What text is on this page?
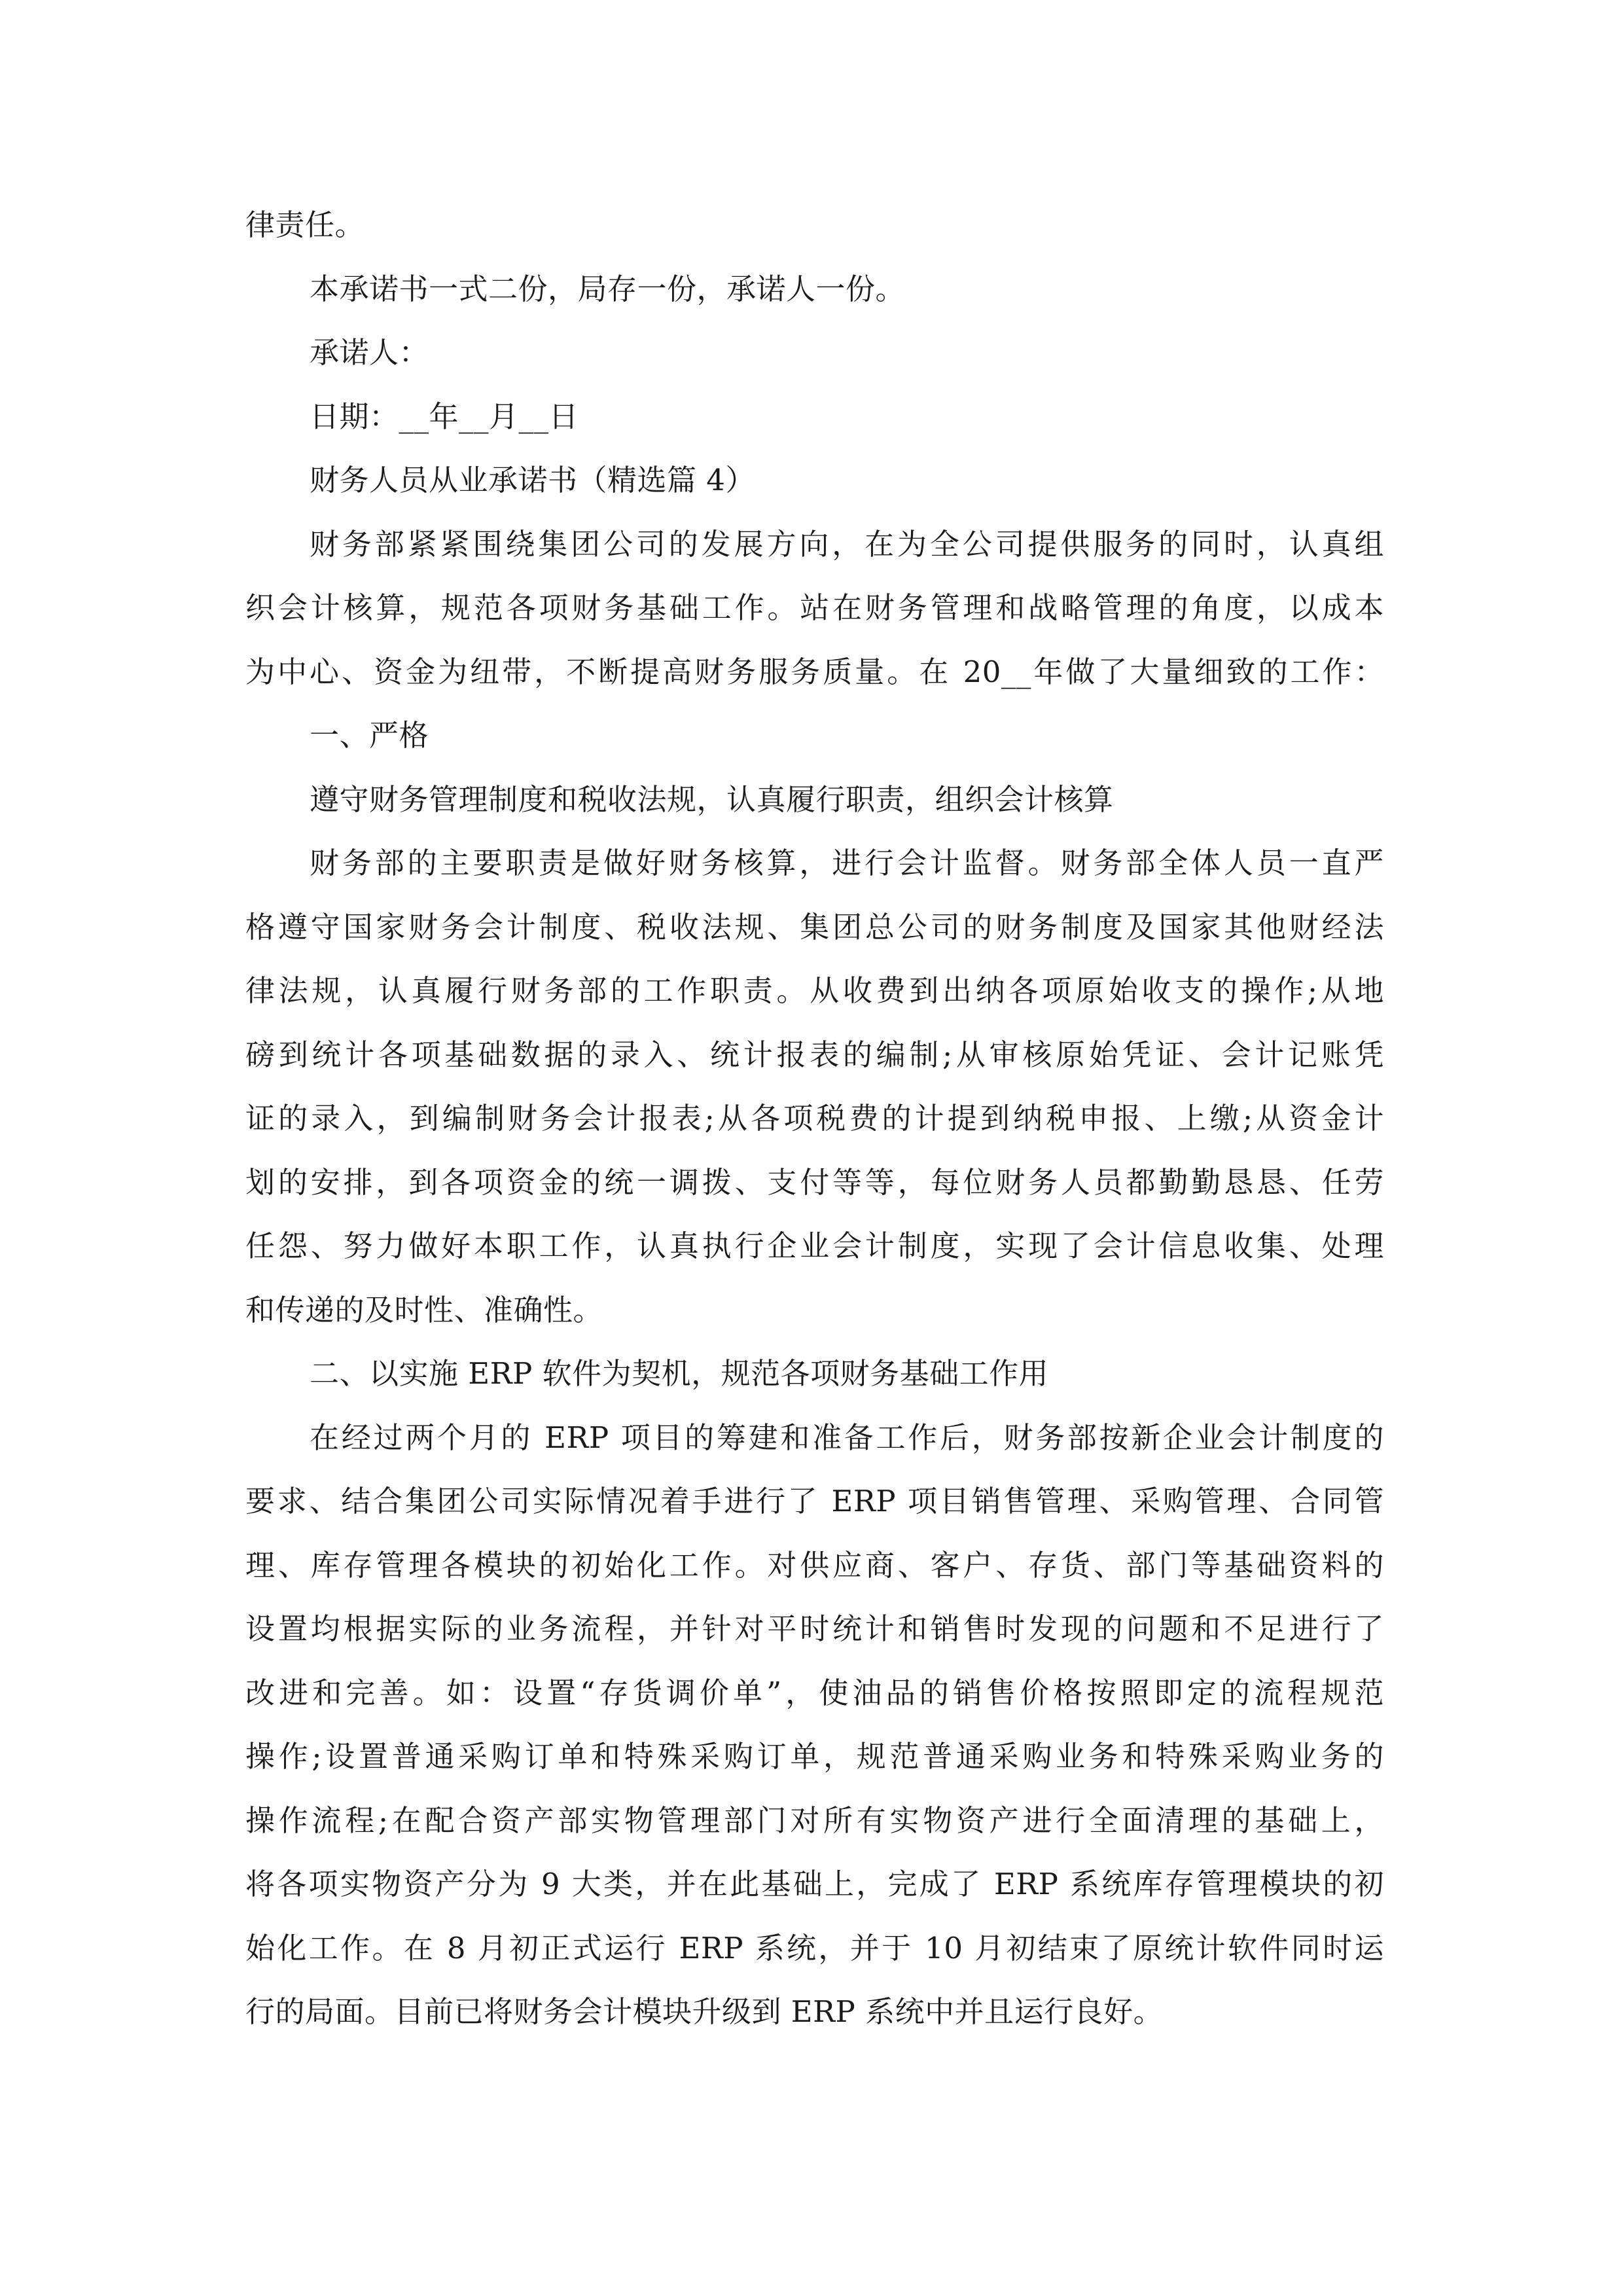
律责任。
本承诺书一式二份，局存一份，承诺人一份。
承诺人：
日期：__年__月__日
财务人员从业承诺书（精选篇 4）
财务部紧紧围绕集团公司的发展方向，在为全公司提供服务的同时，认真组
织会计核算，规范各项财务基础工作。站在财务管理和战略管理的角度，以成本
为中心、资金为纽带，不断提高财务服务质量。在 20__年做了大量细致的工作：
一、严格
遵守财务管理制度和税收法规，认真履行职责，组织会计核算
财务部的主要职责是做好财务核算，进行会计监督。财务部全体人员一直严
格遵守国家财务会计制度、税收法规、集团总公司的财务制度及国家其他财经法
律法规，认真履行财务部的工作职责。从收费到出纳各项原始收支的操作;从地
磅到统计各项基础数据的录入、统计报表的编制;从审核原始凭证、会计记账凭
证的录入，到编制财务会计报表;从各项税费的计提到纳税申报、上缴;从资金计
划的安排，到各项资金的统一调拨、支付等等，每位财务人员都勤勤恳恳、任劳
任怨、努力做好本职工作，认真执行企业会计制度，实现了会计信息收集、处理
和传递的及时性、准确性。
二、以实施 ERP 软件为契机，规范各项财务基础工作用
在经过两个月的 ERP 项目的筹建和准备工作后，财务部按新企业会计制度的
要求、结合集团公司实际情况着手进行了 ERP 项目销售管理、采购管理、合同管
理、库存管理各模块的初始化工作。对供应商、客户、存货、部门等基础资料的
设置均根据实际的业务流程，并针对平时统计和销售时发现的问题和不足进行了
改进和完善。如：设置“存货调价单”，使油品的销售价格按照即定的流程规范
操作;设置普通采购订单和特殊采购订单，规范普通采购业务和特殊采购业务的
操作流程;在配合资产部实物管理部门对所有实物资产进行全面清理的基础上，
将各项实物资产分为 9 大类，并在此基础上，完成了 ERP 系统库存管理模块的初
始化工作。在 8 月初正式运行 ERP 系统，并于 10 月初结束了原统计软件同时运
行的局面。目前已将财务会计模块升级到 ERP 系统中并且运行良好。
